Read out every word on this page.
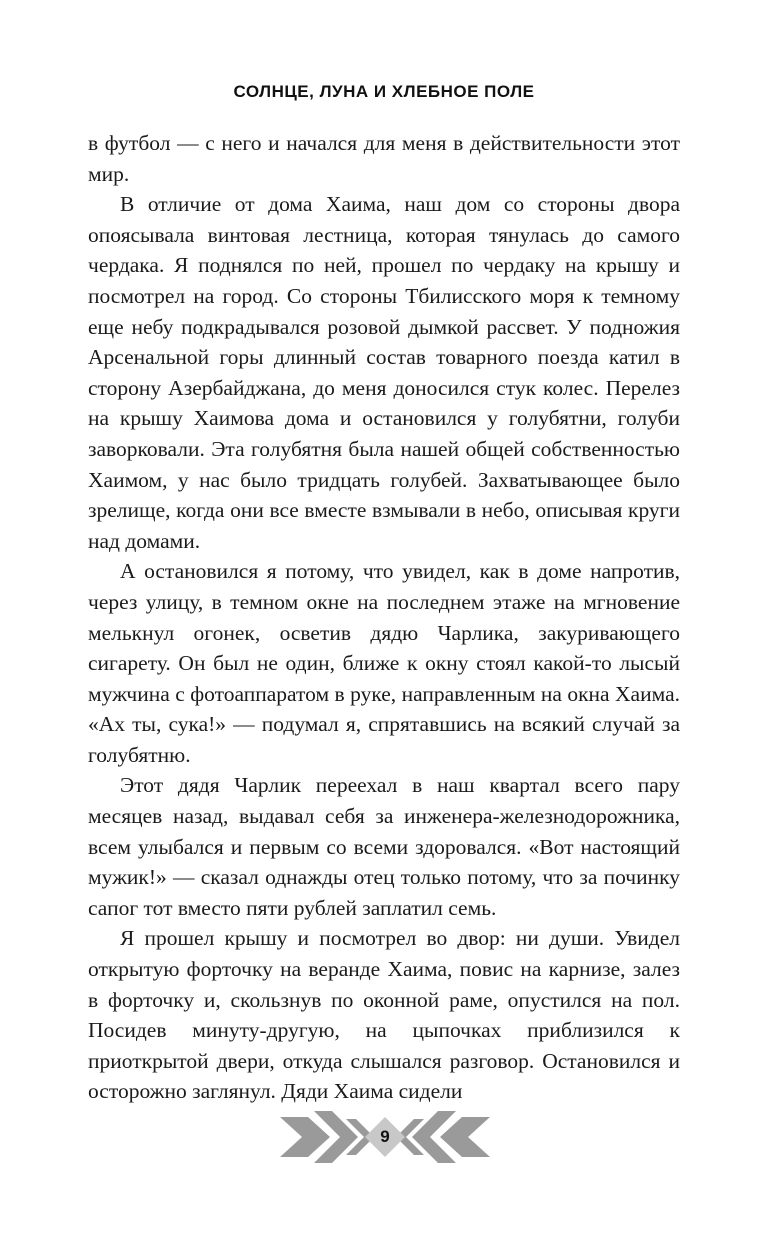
СОЛНЦЕ, ЛУНА И ХЛЕБНОЕ ПОЛЕ

в футбол — с него и начался для меня в действительности этот мир.

В отличие от дома Хаима, наш дом со стороны двора опоясывала винтовая лестница, которая тянулась до самого чердака. Я поднялся по ней, прошел по чердаку на крышу и посмотрел на город. Со стороны Тбилисского моря к темному еще небу подкрадывался розовой дымкой рассвет. У подножия Арсенальной горы длинный состав товарного поезда катил в сторону Азербайджана, до меня доносился стук колес. Перелез на крышу Хаимова дома и остановился у голубятни, голуби заворковали. Эта голубятня была нашей общей собственностью Хаимом, у нас было тридцать голубей. Захватывающее было зрелище, когда они все вместе взмывали в небо, описывая круги над домами.

А остановился я потому, что увидел, как в доме напротив, через улицу, в темном окне на последнем этаже на мгновение мелькнул огонек, осветив дядю Чарлика, закуривающего сигарету. Он был не один, ближе к окну стоял какой-то лысый мужчина с фотоаппаратом в руке, направленным на окна Хаима. «Ах ты, сука!» — подумал я, спрятавшись на всякий случай за голубятню.

Этот дядя Чарлик переехал в наш квартал всего пару месяцев назад, выдавал себя за инженера-железнодорожника, всем улыбался и первым со всеми здоровался. «Вот настоящий мужик!» — сказал однажды отец только потому, что за починку сапог тот вместо пяти рублей заплатил семь.

Я прошел крышу и посмотрел во двор: ни души. Увидел открытую форточку на веранде Хаима, повис на карнизе, залез в форточку и, скользнув по оконной раме, опустился на пол. Посидев минуту-другую, на цыпочках приблизился к приоткрытой двери, откуда слышался разговор. Остановился и осторожно заглянул. Дяди Хаима сидели

9
